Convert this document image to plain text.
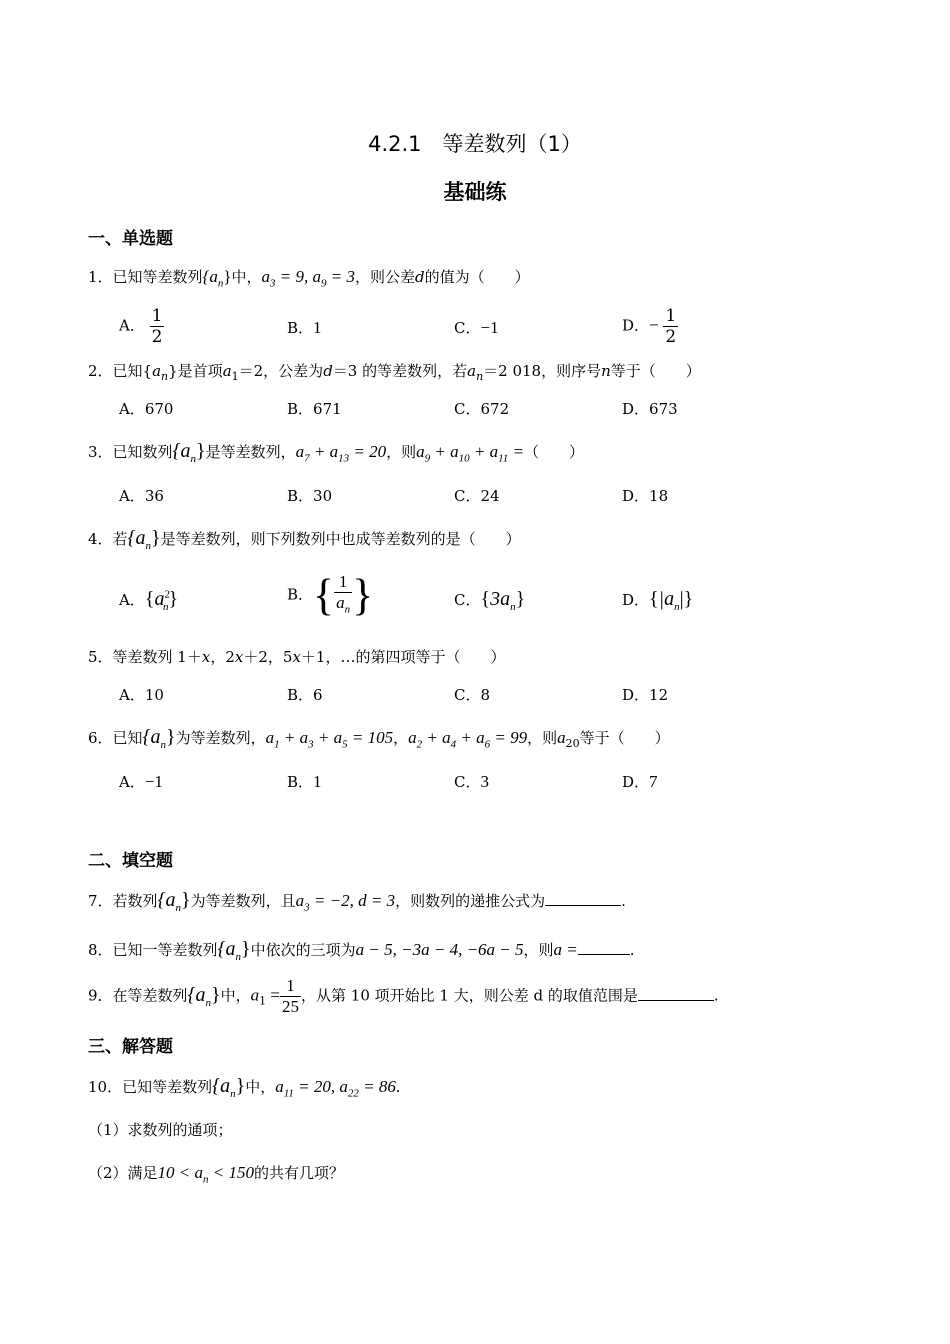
4.2.1　等差数列（1）
基础练
一、单选题
1．已知等差数列$\{a_n\}$中，$a_3 = 9$, $a_9 = 3$，则公差d的值为（　　）
A． $\frac{1}{2}$	B．1	C．−1	D．− $\frac{1}{2}$
2．已知$\{a_n\}$是首项$a_1=2$，公差为d＝3 的等差数列，若$a_n=2$ 018，则序号n等于（　　）
A．670	B．671	C．672	D．673
3．已知数列$\{a_n\}$是等差数列，$a_7 + a_{13} = 20$，则$a_9 + a_{10} + a_{11}$ =（　　）
A．36	B．30	C．24	D．18
4．若$\{a_n\}$是等差数列，则下列数列中也成等差数列的是（　　）
A．$\{a^2_n\}$	B．{ $\frac{1}{a_n}$ }	C．$\{3a_n\}$	D．$\{|a_n|\}$
5．等差数列 1＋x，2x＋2，5x＋1，…的第四项等于（　　）
A．10	B．6	C．8	D．12
6．已知$\{a_n\}$为等差数列，$a_1 + a_3 + a_5 = 105$，$a_2 + a_4 + a_6 = 99$，则$a_{20}$等于（　　）
A．−1	B．1	C．3	D．7
二、填空题
7．若数列$\{a_n\}$为等差数列，且$a_3 = -2$, d = 3，则数列的递推公式为	.
8．已知一等差数列$\{a_n\}$中依次的三项为a − 5, −3a − 4, −6a − 5，则a =	.
9．在等差数列$\{a_n\}$中，$a_1 = \frac{1}{25}$ ，从第 10 项开始比 1 大，则公差 d 的取值范围是	.
三、解答题
10．已知等差数列$\{a_n\}$中，$a_{11} = 20$, $a_{22} = 86$.
（1）求数列的通项；
（2）满足$10 < a_n < 150$的共有几项？
